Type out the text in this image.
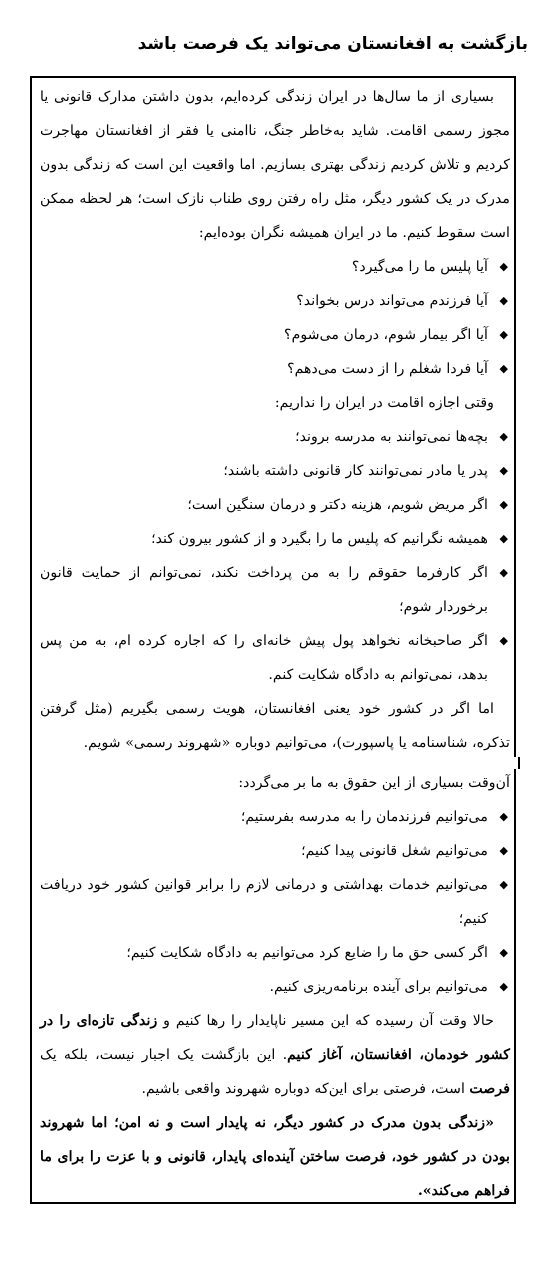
بازگشت به افغانستان می‌تواند یک فرصت باشد

بسیاری از ما سال‌ها در ایران زندگی کرده‌ایم، بدون داشتن مدارک قانونی یا مجوز رسمی اقامت. شاید به‌خاطر جنگ، ناامنی یا فقر از افغانستان مهاجرت کردیم و تلاش کردیم زندگی بهتری بسازیم. اما واقعیت این است که زندگی بدون مدرک در یک کشور دیگر، مثل راه رفتن روی طناب نازک است؛ هر لحظه ممکن است سقوط کنیم. ما در ایران همیشه نگران بوده‌ایم:

◆
آیا پلیس ما را می‌گیرد؟
◆
آیا فرزندم می‌تواند درس بخواند؟
◆
آیا اگر بیمار شوم، درمان می‌شوم؟
◆
آیا فردا شغلم را از دست می‌دهم؟

وقتی اجازه اقامت در ایران را نداریم:

◆
بچه‌ها نمی‌توانند به مدرسه بروند؛
◆
پدر یا مادر نمی‌توانند کار قانونی داشته باشند؛
◆
اگر مریض شویم، هزینه دکتر و درمان سنگین است؛
◆
همیشه نگرانیم که پلیس ما را بگیرد و از کشور بیرون کند؛
◆
اگر کارفرما حقوقم را به من پرداخت نکند، نمی‌توانم از حمایت قانون برخوردار شوم؛
◆
اگر صاحبخانه نخواهد پول پیش خانه‌ای را که اجاره کرده ام، به من پس بدهد، نمی‌توانم به دادگاه شکایت کنم.

اما اگر در کشور خود یعنی افغانستان، هویت رسمی بگیریم (مثل گرفتن تذکره، شناسنامه یا پاسپورت)، می‌توانیم دوباره «شهروند رسمی» شویم.

آن‌وقت بسیاری از این حقوق به ما بر می‌گردد:

◆
می‌توانیم فرزندمان را به مدرسه بفرستیم؛
◆
می‌توانیم شغل قانونی پیدا کنیم؛
◆
می‌توانیم خدمات بهداشتی و درمانی لازم را برابر قوانین کشور خود دریافت کنیم؛
◆
اگر کسی حق ما را ضایع کرد می‌توانیم به دادگاه شکایت کنیم؛
◆
می‌توانیم برای آینده برنامه‌ریزی کنیم.

حالا وقت آن رسیده که این مسیر ناپایدار را رها کنیم و زندگی تازه‌ای را در کشور خودمان، افغانستان، آغاز کنیم. این بازگشت یک اجبار نیست، بلکه یک فرصت است، فرصتی برای این‌که دوباره شهروند واقعی باشیم.

«زندگی بدون مدرک در کشور دیگر، نه پایدار است و نه امن؛ اما شهروند بودن در کشور خود، فرصت ساختن آینده‌ای پایدار، قانونی و با عزت را برای ما فراهم می‌کند».
